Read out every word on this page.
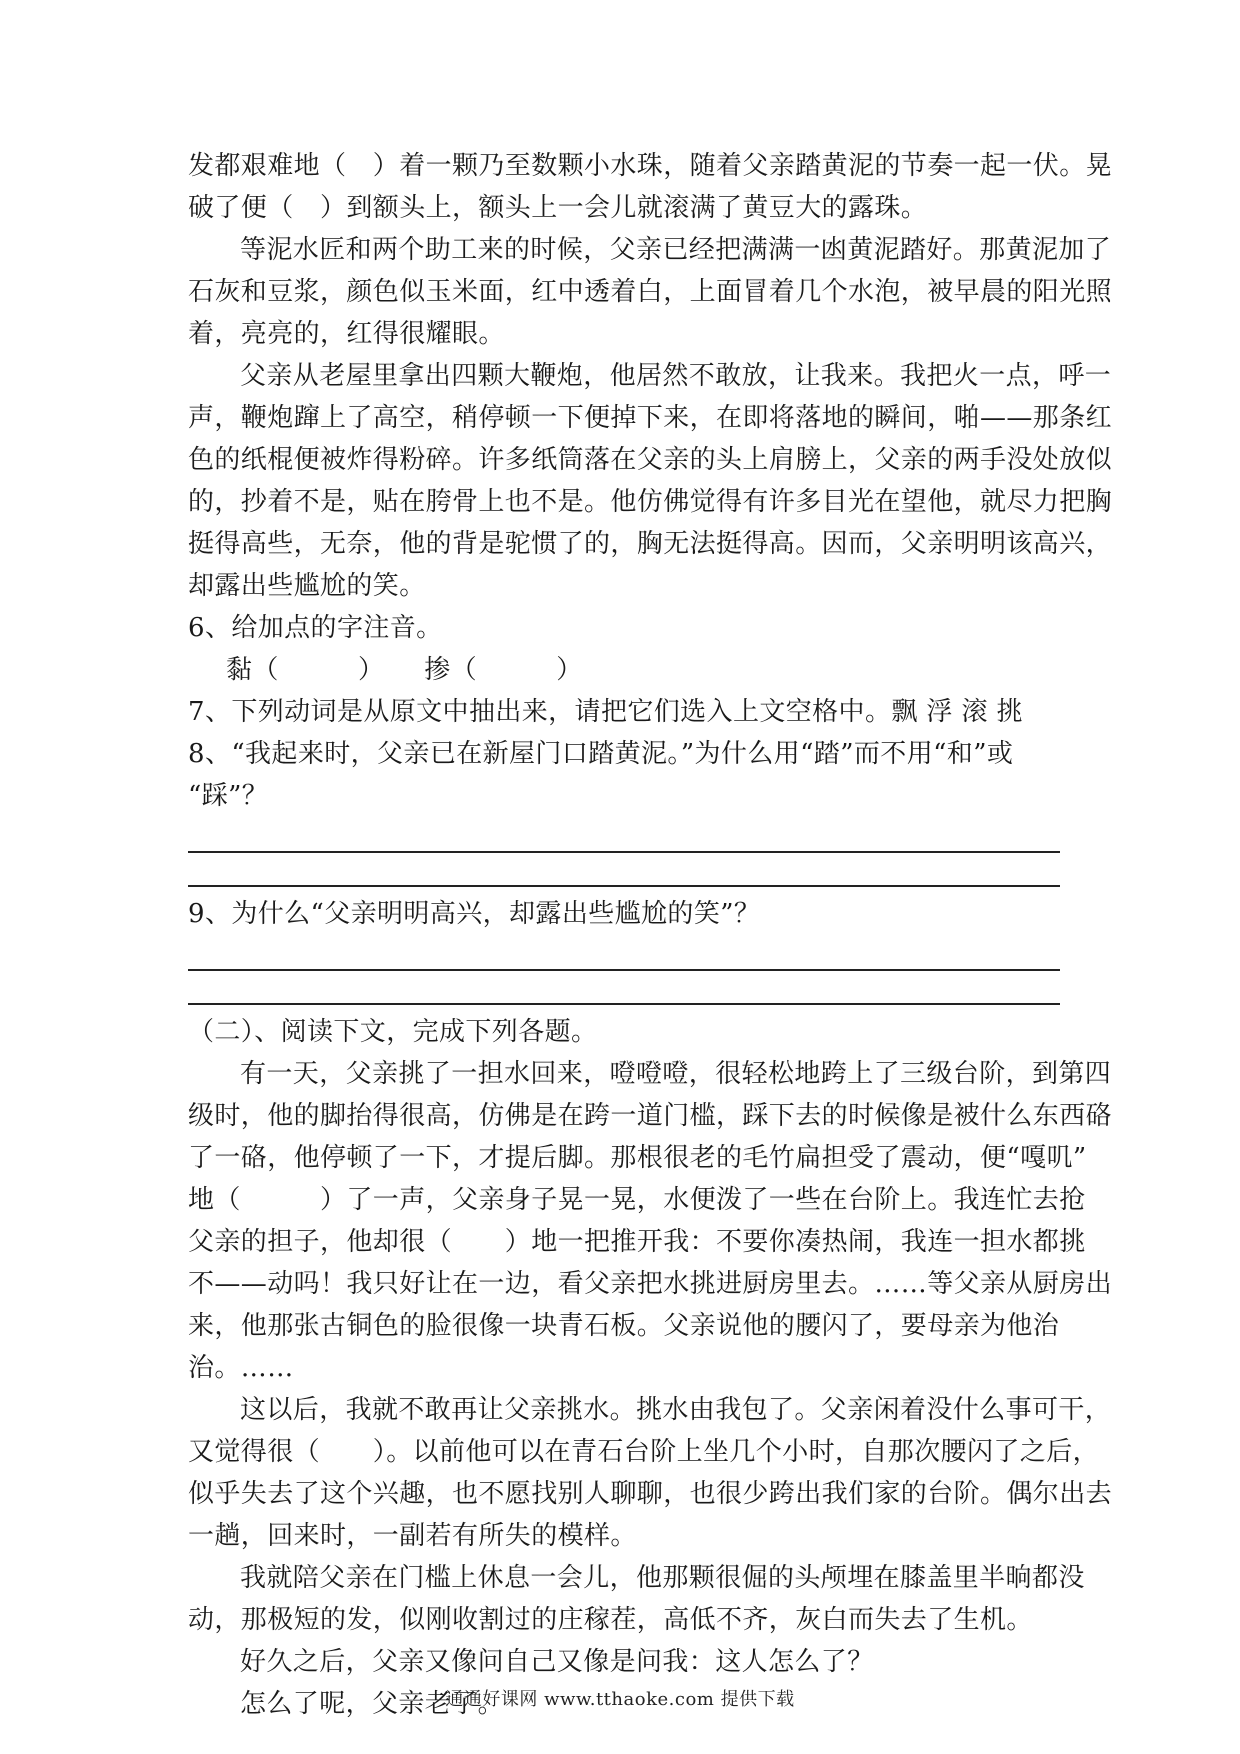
发都艰难地（　）着一颗乃至数颗小水珠，随着父亲踏黄泥的节奏一起一伏。晃
破了便（　）到额头上，额头上一会儿就滚满了黄豆大的露珠。
等泥水匠和两个助工来的时候，父亲已经把满满一凼黄泥踏好。那黄泥加了
石灰和豆浆，颜色似玉米面，红中透着白，上面冒着几个水泡，被早晨的阳光照
着，亮亮的，红得很耀眼。
父亲从老屋里拿出四颗大鞭炮，他居然不敢放，让我来。我把火一点，呼一
声，鞭炮蹿上了高空，稍停顿一下便掉下来，在即将落地的瞬间，啪——那条红
色的纸棍便被炸得粉碎。许多纸筒落在父亲的头上肩膀上，父亲的两手没处放似
的，抄着不是，贴在胯骨上也不是。他仿佛觉得有许多目光在望他，就尽力把胸
挺得高些，无奈，他的背是驼惯了的，胸无法挺得高。因而，父亲明明该高兴，
却露出些尴尬的笑。
6、给加点的字注音。
黏（　　　）　　掺（　　　）
7、下列动词是从原文中抽出来，请把它们选入上文空格中。飘 浮 滚 挑
8、“我起来时，父亲已在新屋门口踏黄泥。”为什么用“踏”而不用“和”或
“踩”？
9、为什么“父亲明明高兴，却露出些尴尬的笑”？
（二）、阅读下文，完成下列各题。
有一天，父亲挑了一担水回来，噔噔噔，很轻松地跨上了三级台阶，到第四
级时，他的脚抬得很高，仿佛是在跨一道门槛，踩下去的时候像是被什么东西硌
了一硌，他停顿了一下，才提后脚。那根很老的毛竹扁担受了震动，便“嘎叽”
地（　　　）了一声，父亲身子晃一晃，水便泼了一些在台阶上。我连忙去抢
父亲的担子，他却很（　　）地一把推开我：不要你凑热闹，我连一担水都挑
不——动吗！我只好让在一边，看父亲把水挑进厨房里去。……等父亲从厨房出
来，他那张古铜色的脸很像一块青石板。父亲说他的腰闪了，要母亲为他治
治。……
这以后，我就不敢再让父亲挑水。挑水由我包了。父亲闲着没什么事可干，
又觉得很（　　）。以前他可以在青石台阶上坐几个小时，自那次腰闪了之后，
似乎失去了这个兴趣，也不愿找别人聊聊，也很少跨出我们家的台阶。偶尔出去
一趟，回来时，一副若有所失的模样。
我就陪父亲在门槛上休息一会儿，他那颗很倔的头颅埋在膝盖里半晌都没
动，那极短的发，似刚收割过的庄稼茬，高低不齐，灰白而失去了生机。
好久之后，父亲又像问自己又像是问我：这人怎么了？
怎么了呢，父亲老了。
通通好课网 www.tthaoke.com 提供下载
